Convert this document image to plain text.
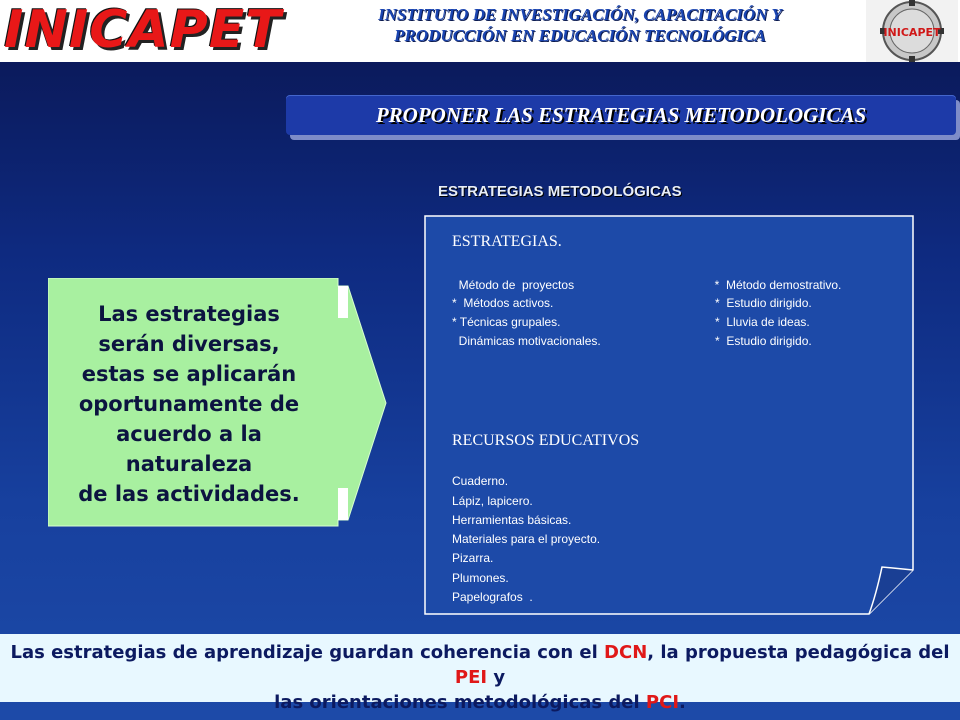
INICAPET	INSTITUTO DE INVESTIGACIÓN, CAPACITACIÓN Y
PRODUCCIÓN EN EDUCACIÓN TECNOLÓGICA	INICAPET
PROPONER LAS ESTRATEGIAS METODOLOGICAS
ESTRATEGIAS METODOLÓGICAS
Las estrategias
serán diversas,
estas se aplicarán
oportunamente de
acuerdo a la naturaleza
de las actividades.
ESTRATEGIAS.
Método de  proyectos
*  Métodos activos.
* Técnicas grupales.
Dinámicas motivacionales.
*  Método demostrativo.
*  Estudio dirigido.
*  Lluvia de ideas.
*  Estudio dirigido.
RECURSOS EDUCATIVOS
Cuaderno.
Lápiz, lapicero.
Herramientas básicas.
Materiales para el proyecto.
Pizarra.
Plumones.
Papelografos  .
Las estrategias de aprendizaje guardan coherencia con el DCN, la propuesta pedagógica del PEI y
las orientaciones metodológicas del PCI.
